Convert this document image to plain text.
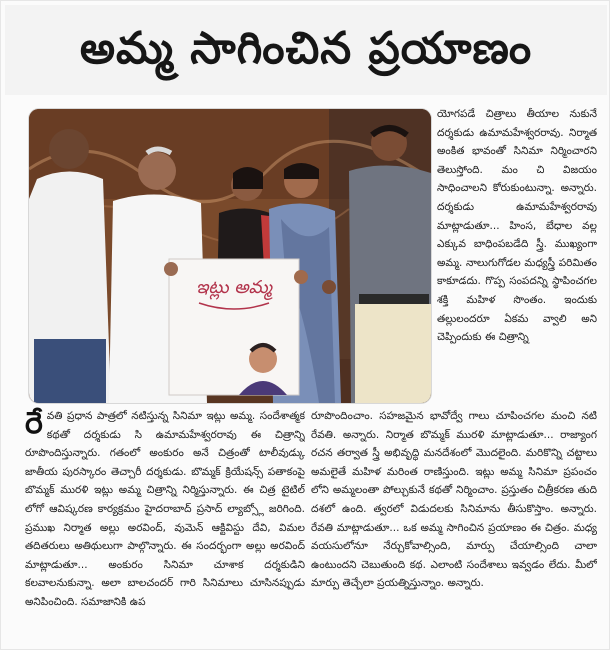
అమ్మ సాగించిన ప్రయాణం
ఇట్లు అమ్మ

యోగపడే చిత్రాలు తీయాల నుకునే దర్శకుడు ఉమామహేశ్వరరావు. నిర్మాత అంకిత భావంతో సినిమా నిర్మించారని తెలుస్తోంది. మం చి విజయం సాధించాలని కోరుకుంటున్నా. అన్నారు. దర్శకుడు ఉమామహేశ్వరరావు మాట్లాడుతూ... హింస, బేధాల వల్ల ఎక్కువ బాధింపబడేది స్త్రీ. ముఖ్యంగా అమ్మ. నాలుగుగోడల మధ్యస్త్రీ పరిమితం కాకూడదు. గొప్ప సంపదన్ని స్థాపించగల శక్తి మహిళ సొంతం. ఇందుకు తల్లులందరూ ఏకమ వ్వాలి అని చెప్పిందుకు ఈ చిత్రాన్ని

రే వతి ప్రధాన పాత్రలో నటిస్తున్న సినిమా ఇట్లు అమ్మ. సందేశాత్మక కథతో దర్శకుడు సి ఉమామహేశ్వరరావు ఈ చిత్రాన్ని రూపొందిస్తున్నారు. గతంలో అంకురం అనే చిత్రంతో టాలీవుడ్కు జాతీయ పురస్కారం తెచ్చారీ దర్శకుడు. బొమ్మక్ క్రియేషన్స్ పతాకంపై బొమ్మక్ మురళి ఇట్లు అమ్మ చిత్రాన్ని నిర్మిస్తున్నారు. ఈ చిత్ర టైటిల్ లోగో ఆవిష్కరణ కార్యక్రమం హైదరాబాద్ ప్రసాద్ ల్యాబ్స్లో జరిగింది. ప్రముఖ నిర్మాత అల్లు అరవింద్, వుమెన్ ఆక్టివిస్టు దేవి, విమల తదితరులు అతిథులుగా పాల్గొన్నారు. ఈ సందర్భంగా అల్లు అరవింద్ మాట్లాడుతూ... అంకురం సినిమా చూశాక దర్శకుడిని కలవాలనుకున్నా. అలా బాలచందర్ గారి సినిమాలు చూసినప్పుడు అనిపించింది. సమాజానికి ఉప

రూపొందించాం. సహజమైన భావోద్వే గాలు చూపించగల మంచి నటి రేవతి. అన్నారు. నిర్మాత బొమ్మక్ మురళి మాట్లాడుతూ... రాజ్యాంగ రచన తర్వాత స్త్రీ అభివృద్ధి మనదేశంలో మొదలైంది. మరికొన్ని చట్టాలు అమలైతే మహిళ మరింత రాణిస్తుంది. ఇట్లు అమ్మ సినిమా ప్రపంచం లోని అమ్మలంతా పోల్చుకునే కథతో నిర్మించాం. ప్రస్తుతం చిత్రీకరణ తుది దశలో ఉంది. త్వరలో విడుదలకు సినిమాను తీసుకొస్తాం. అన్నారు. రేవతి మాట్లాడుతూ... ఒక అమ్మ సాగించిన ప్రయాణం ఈ చిత్రం. మధ్య వయసులోనూ నేర్చుకోవాల్సింది, మార్పు చేయాల్సింది చాలా ఉంటుందని చెబుతుంది కథ. ఎలాంటి సందేశాలు ఇవ్వడం లేదు. మీలో మార్పు తెచ్చేలా ప్రయత్నిస్తున్నాం. అన్నారు.
